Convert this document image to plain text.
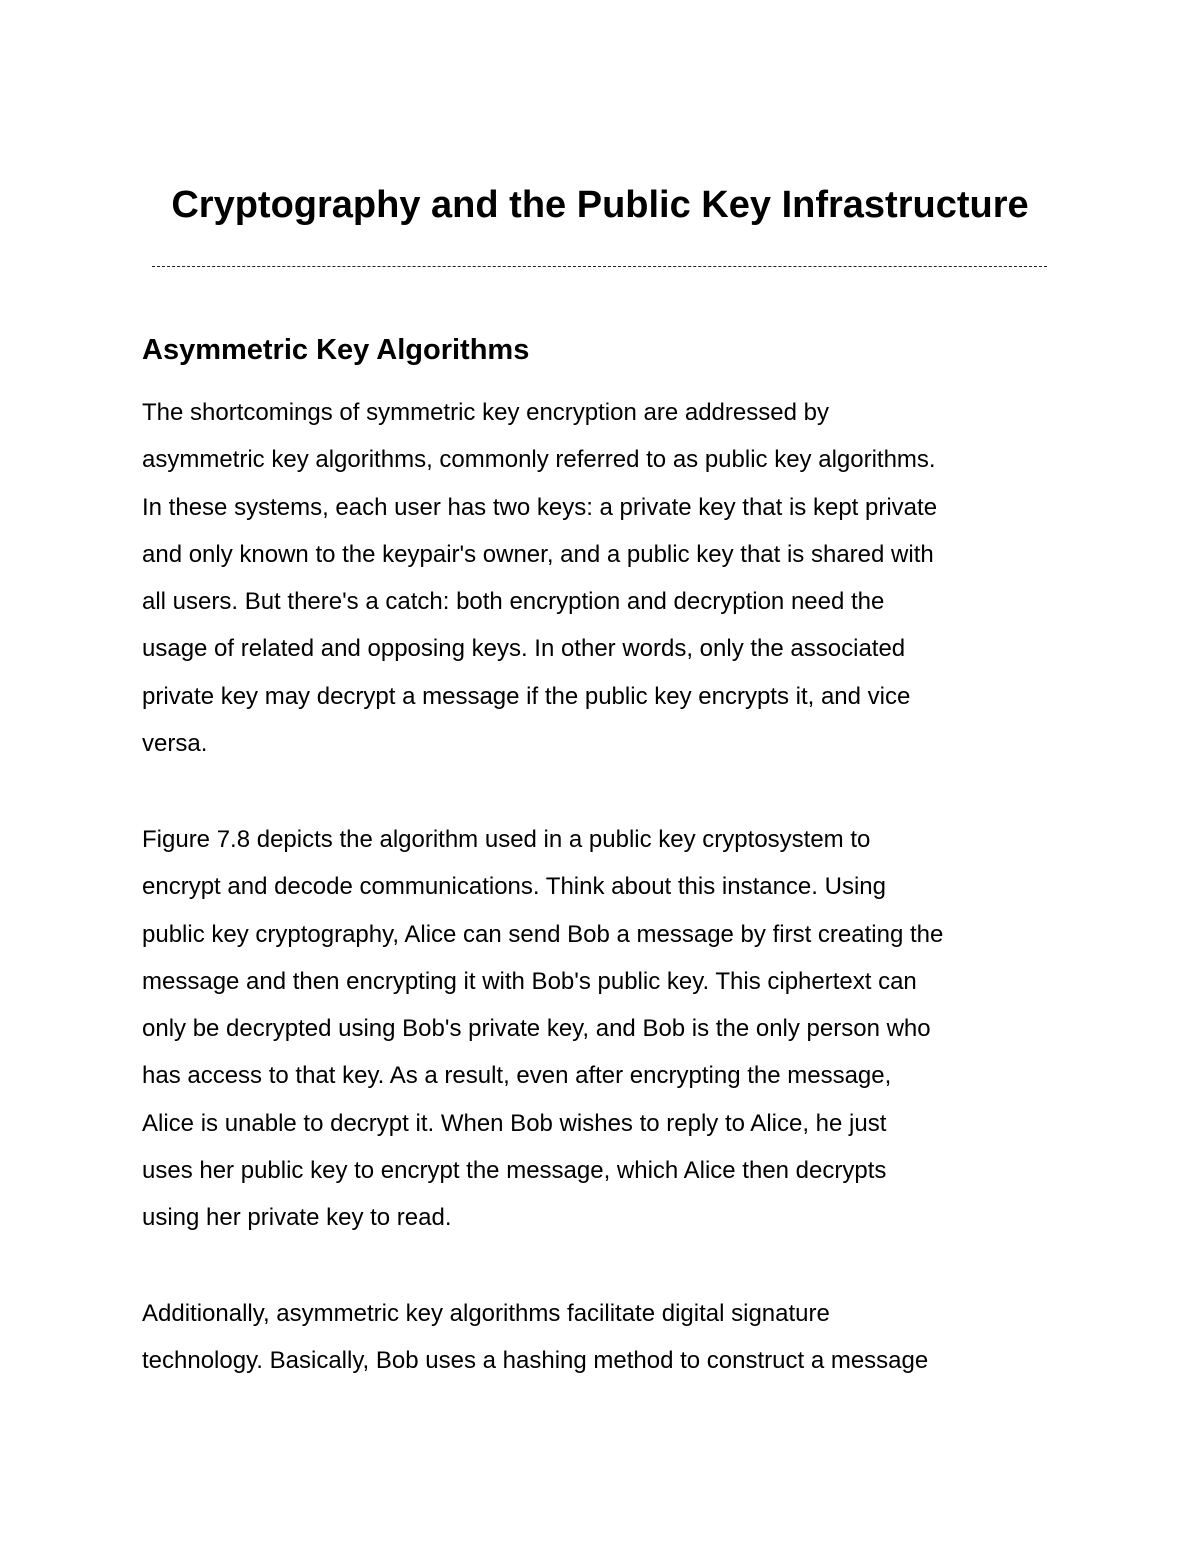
Cryptography and the Public Key Infrastructure
Asymmetric Key Algorithms

The shortcomings of symmetric key encryption are addressed by
asymmetric key algorithms, commonly referred to as public key algorithms.
In these systems, each user has two keys: a private key that is kept private
and only known to the keypair's owner, and a public key that is shared with
all users. But there's a catch: both encryption and decryption need the
usage of related and opposing keys. In other words, only the associated
private key may decrypt a message if the public key encrypts it, and vice
versa.

Figure 7.8 depicts the algorithm used in a public key cryptosystem to
encrypt and decode communications. Think about this instance. Using
public key cryptography, Alice can send Bob a message by first creating the
message and then encrypting it with Bob's public key. This ciphertext can
only be decrypted using Bob's private key, and Bob is the only person who
has access to that key. As a result, even after encrypting the message,
Alice is unable to decrypt it. When Bob wishes to reply to Alice, he just
uses her public key to encrypt the message, which Alice then decrypts
using her private key to read.

Additionally, asymmetric key algorithms facilitate digital signature
technology. Basically, Bob uses a hashing method to construct a message
